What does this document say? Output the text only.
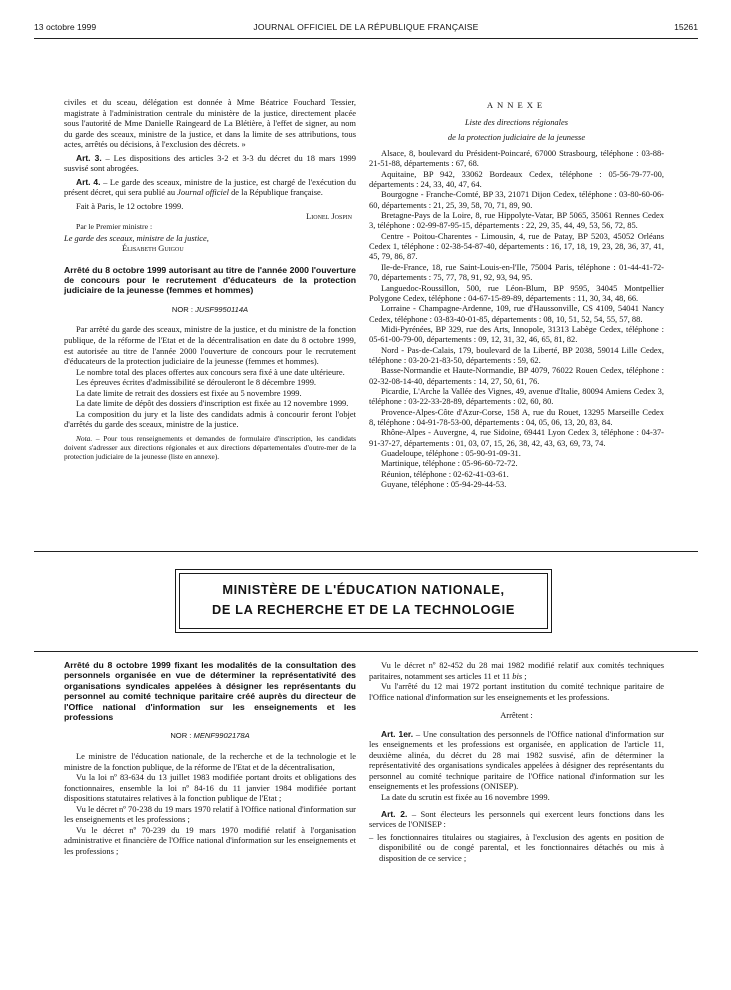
13 octobre 1999	JOURNAL OFFICIEL DE LA RÉPUBLIQUE FRANÇAISE	15261

civiles et du sceau, délégation est donnée à Mme Béatrice Fouchard Tessier, magistrate à l'administration centrale du ministère de la justice, directement placée sous l'autorité de Mme Danielle Raingeard de La Blétière, à l'effet de signer, au nom du garde des sceaux, ministre de la justice, et dans la limite de ses attributions, tous actes, arrêtés ou décisions, à l'exclusion des décrets. »

Art. 3. – Les dispositions des articles 3-2 et 3-3 du décret du 18 mars 1999 susvisé sont abrogées.

Art. 4. – Le garde des sceaux, ministre de la justice, est chargé de l'exécution du présent décret, qui sera publié au Journal officiel de la République française.

Fait à Paris, le 12 octobre 1999.

Lionel Jospin

Par le Premier ministre :

Le garde des sceaux, ministre de la justice,

Élisabeth Guigou

Arrêté du 8 octobre 1999 autorisant au titre de l'année 2000 l'ouverture de concours pour le recrutement d'éducateurs de la protection judiciaire de la jeunesse (femmes et hommes)

NOR : JUSF9950114A

Par arrêté du garde des sceaux, ministre de la justice, et du ministre de la fonction publique, de la réforme de l'Etat et de la décentralisation en date du 8 octobre 1999, est autorisée au titre de l'année 2000 l'ouverture de concours pour le recrutement d'éducateurs de la protection judiciaire de la jeunesse (femmes et hommes).

Le nombre total des places offertes aux concours sera fixé à une date ultérieure.

Les épreuves écrites d'admissibilité se dérouleront le 8 décembre 1999.

La date limite de retrait des dossiers est fixée au 5 novembre 1999.

La date limite de dépôt des dossiers d'inscription est fixée au 12 novembre 1999.

La composition du jury et la liste des candidats admis à concourir feront l'objet d'arrêtés du garde des sceaux, ministre de la justice.

Nota. – Pour tous renseignements et demandes de formulaire d'inscription, les candidats doivent s'adresser aux directions régionales et aux directions départementales d'outre-mer de la protection judiciaire de la jeunesse (liste en annexe).

ANNEXE

Liste des directions régionales

de la protection judiciaire de la jeunesse

Alsace, 8, boulevard du Président-Poincaré, 67000 Strasbourg, téléphone : 03-88-21-51-88, départements : 67, 68.

Aquitaine, BP 942, 33062 Bordeaux Cedex, téléphone : 05-56-79-77-00, départements : 24, 33, 40, 47, 64.

Bourgogne - Franche-Comté, BP 33, 21071 Dijon Cedex, téléphone : 03-80-60-06-60, départements : 21, 25, 39, 58, 70, 71, 89, 90.

Bretagne-Pays de la Loire, 8, rue Hippolyte-Vatar, BP 5065, 35061 Rennes Cedex 3, téléphone : 02-99-87-95-15, départements : 22, 29, 35, 44, 49, 53, 56, 72, 85.

Centre - Poitou-Charentes - Limousin, 4, rue de Patay, BP 5203, 45052 Orléans Cedex 1, téléphone : 02-38-54-87-40, départements : 16, 17, 18, 19, 23, 28, 36, 37, 41, 45, 79, 86, 87.

Ile-de-France, 18, rue Saint-Louis-en-l'Ile, 75004 Paris, téléphone : 01-44-41-72-70, départements : 75, 77, 78, 91, 92, 93, 94, 95.

Languedoc-Roussillon, 500, rue Léon-Blum, BP 9595, 34045 Montpellier Polygone Cedex, téléphone : 04-67-15-89-89, départements : 11, 30, 34, 48, 66.

Lorraine - Champagne-Ardenne, 109, rue d'Haussonville, CS 4109, 54041 Nancy Cedex, téléphone : 03-83-40-01-85, départements : 08, 10, 51, 52, 54, 55, 57, 88.

Midi-Pyrénées, BP 329, rue des Arts, Innopole, 31313 Labège Cedex, téléphone : 05-61-00-79-00, départements : 09, 12, 31, 32, 46, 65, 81, 82.

Nord - Pas-de-Calais, 179, boulevard de la Liberté, BP 2038, 59014 Lille Cedex, téléphone : 03-20-21-83-50, départements : 59, 62.

Basse-Normandie et Haute-Normandie, BP 4079, 76022 Rouen Cedex, téléphone : 02-32-08-14-40, départements : 14, 27, 50, 61, 76.

Picardie, L'Arche la Vallée des Vignes, 49, avenue d'Italie, 80094 Amiens Cedex 3, téléphone : 03-22-33-28-89, départements : 02, 60, 80.

Provence-Alpes-Côte d'Azur-Corse, 158 A, rue du Rouet, 13295 Marseille Cedex 8, téléphone : 04-91-78-53-00, départements : 04, 05, 06, 13, 20, 83, 84.

Rhône-Alpes - Auvergne, 4, rue Sidoine, 69441 Lyon Cedex 3, téléphone : 04-37-91-37-27, départements : 01, 03, 07, 15, 26, 38, 42, 43, 63, 69, 73, 74.

Guadeloupe, téléphone : 05-90-91-09-31.

Martinique, téléphone : 05-96-60-72-72.

Réunion, téléphone : 02-62-41-03-61.

Guyane, téléphone : 05-94-29-44-53.

MINISTÈRE DE L'ÉDUCATION NATIONALE,
DE LA RECHERCHE ET DE LA TECHNOLOGIE

Arrêté du 8 octobre 1999 fixant les modalités de la consultation des personnels organisée en vue de déterminer la représentativité des organisations syndicales appelées à désigner les représentants du personnel au comité technique paritaire créé auprès du directeur de l'Office national d'information sur les enseignements et les professions

NOR : MENF9902178A

Le ministre de l'éducation nationale, de la recherche et de la technologie et le ministre de la fonction publique, de la réforme de l'Etat et de la décentralisation,

Vu la loi nº 83-634 du 13 juillet 1983 modifiée portant droits et obligations des fonctionnaires, ensemble la loi nº 84-16 du 11 janvier 1984 modifiée portant dispositions statutaires relatives à la fonction publique de l'Etat ;

Vu le décret nº 70-238 du 19 mars 1970 relatif à l'Office national d'information sur les enseignements et les professions ;

Vu le décret nº 70-239 du 19 mars 1970 modifié relatif à l'organisation administrative et financière de l'Office national d'information sur les enseignements et les professions ;

Vu le décret nº 82-452 du 28 mai 1982 modifié relatif aux comités techniques paritaires, notamment ses articles 11 et 11 bis ;

Vu l'arrêté du 12 mai 1972 portant institution du comité technique paritaire de l'Office national d'information sur les enseignements et les professions.

Arrêtent :

Art. 1er. – Une consultation des personnels de l'Office national d'information sur les enseignements et les professions est organisée, en application de l'article 11, deuxième alinéa, du décret du 28 mai 1982 susvisé, afin de déterminer la représentativité des organisations syndicales appelées à désigner des représentants du personnel au comité technique paritaire de l'Office national d'information sur les enseignements et les professions (ONISEP).

La date du scrutin est fixée au 16 novembre 1999.

Art. 2. – Sont électeurs les personnels qui exercent leurs fonctions dans les services de l'ONISEP :

– les fonctionnaires titulaires ou stagiaires, à l'exclusion des agents en position de disponibilité ou de congé parental, et les fonctionnaires détachés ou mis à disposition de ce service ;
